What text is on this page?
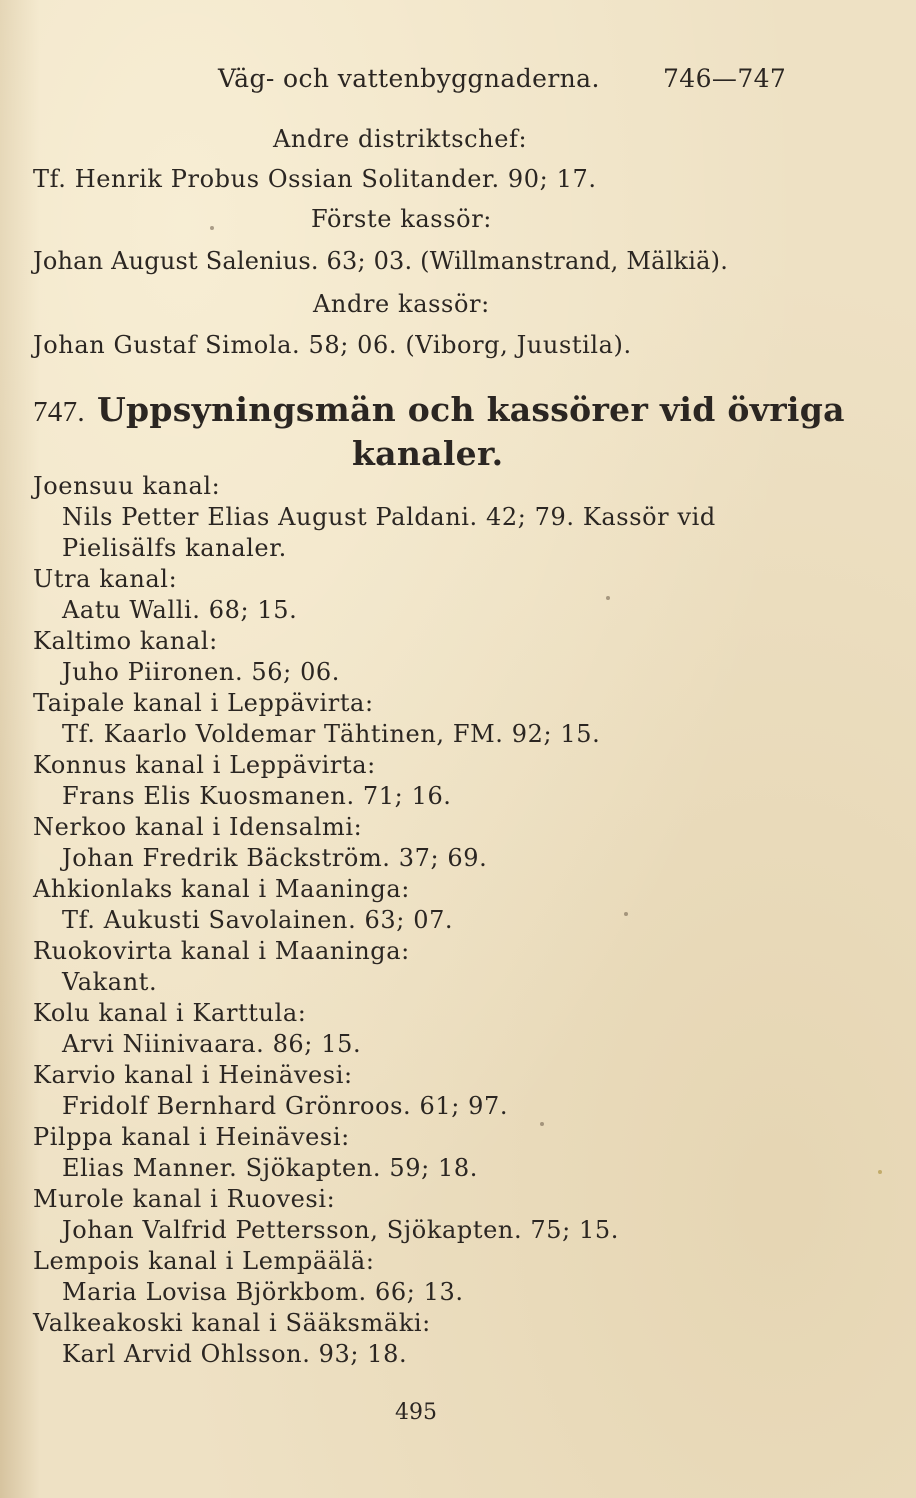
Väg- och vattenbyggnaderna.	746—747
Andre distriktschef:
Tf. Henrik Probus Ossian Solitander. 90; 17.
Förste kassör:
Johan August Salenius. 63; 03. (Willmanstrand, Mälkiä).
Andre kassör:
Johan Gustaf Simola. 58; 06. (Viborg, Juustila).
747. Uppsyningsmän och kassörer vid övriga
kanaler.
Joensuu kanal:
Nils Petter Elias August Paldani. 42; 79. Kassör vid
Pielisälfs kanaler.
Utra kanal:
Aatu Walli. 68; 15.
Kaltimo kanal:
Juho Piironen. 56; 06.
Taipale kanal i Leppävirta:
Tf. Kaarlo Voldemar Tähtinen, FM. 92; 15.
Konnus kanal i Leppävirta:
Frans Elis Kuosmanen. 71; 16.
Nerkoo kanal i Idensalmi:
Johan Fredrik Bäckström. 37; 69.
Ahkionlaks kanal i Maaninga:
Tf. Aukusti Savolainen. 63; 07.
Ruokovirta kanal i Maaninga:
Vakant.
Kolu kanal i Karttula:
Arvi Niinivaara. 86; 15.
Karvio kanal i Heinävesi:
Fridolf Bernhard Grönroos. 61; 97.
Pilppa kanal i Heinävesi:
Elias Manner. Sjökapten. 59; 18.
Murole kanal i Ruovesi:
Johan Valfrid Pettersson, Sjökapten. 75; 15.
Lempois kanal i Lempäälä:
Maria Lovisa Björkbom. 66; 13.
Valkeakoski kanal i Sääksmäki:
Karl Arvid Ohlsson. 93; 18.
495
